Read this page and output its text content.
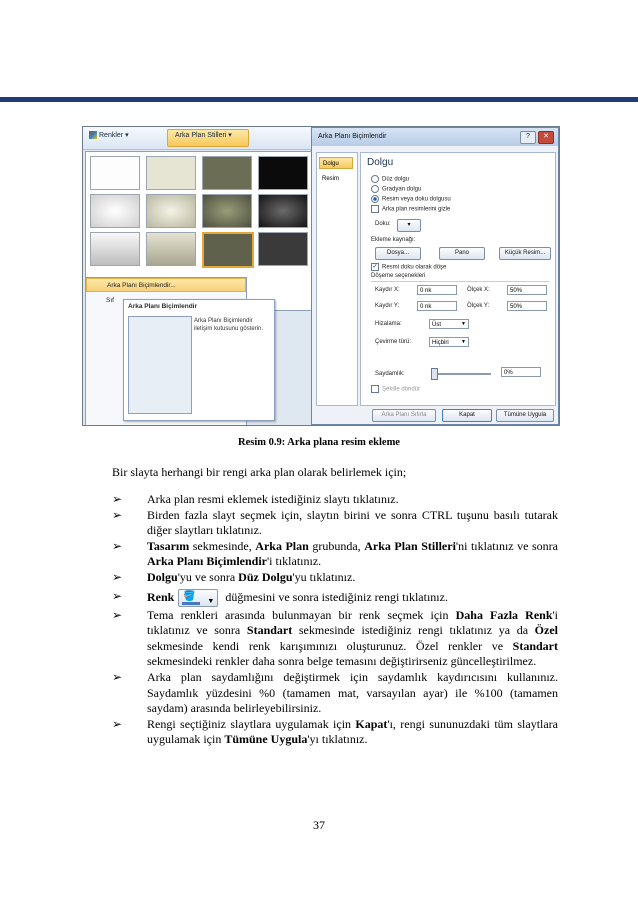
Renkler ▾	Arka Plan Stilleri ▾
Arka Planı Biçimlendir...
Sıf
Arka Planı Biçimlendir
Arka Planı Biçimlendir iletişim kutusunu gösterin.
Arka Planı Biçimlendir	?	✕
Dolgu
Resim
Dolgu
Düz dolgu
Gradyan dolgu
Resim veya doku dolgusu
Arka plan resimlerini gizle
Doku:	▾
Ekleme kaynağı:
Dosya...	Pano	Küçük Resim...
✓ Resmi doku olarak döşe
Döşeme seçenekleri
Kaydır X:	0 nk	Ölçek X:	50%
Kaydır Y:	0 nk	Ölçek Y:	50%
Hizalama:	Üst	▼
Çevirme türü:	Hiçbiri ▼
Saydamlık:	0%
Şekille döndür
Arka Planı Sıfırla	Kapat	Tümüne Uygula
Resim 0.9: Arka plana resim ekleme
Bir slayta herhangi bir rengi arka plan olarak belirlemek için;
➢ Arka plan resmi eklemek istediğiniz slaytı tıklatınız.
➢ Birden fazla slayt seçmek için, slaytın birini ve sonra CTRL tuşunu basılı tutarak diğer slaytları tıklatınız.
➢ Tasarım sekmesinde, Arka Plan grubunda, Arka Plan Stilleri'ni tıklatınız ve sonra Arka Planı Biçimlendir'i tıklatınız.
➢ Dolgu'yu ve sonra Düz Dolgu'yu tıklatınız.
➢ Renk 🪣 ▼ düğmesini ve sonra istediğiniz rengi tıklatınız.
➢ Tema renkleri arasında bulunmayan bir renk seçmek için Daha Fazla Renk'i tıklatınız ve sonra Standart sekmesinde istediğiniz rengi tıklatınız ya da Özel sekmesinde kendi renk karışımınızı oluşturunuz. Özel renkler ve Standart sekmesindeki renkler daha sonra belge temasını değiştirirseniz güncelleştirilmez.
➢ Arka plan saydamlığını değiştirmek için saydamlık kaydırıcısını kullanınız. Saydamlık yüzdesini %0 (tamamen mat, varsayılan ayar) ile %100 (tamamen saydam) arasında belirleyebilirsiniz.
➢ Rengi seçtiğiniz slaytlara uygulamak için Kapat'ı, rengi sununuzdaki tüm slaytlara uygulamak için Tümüne Uygula'yı tıklatınız.
37
